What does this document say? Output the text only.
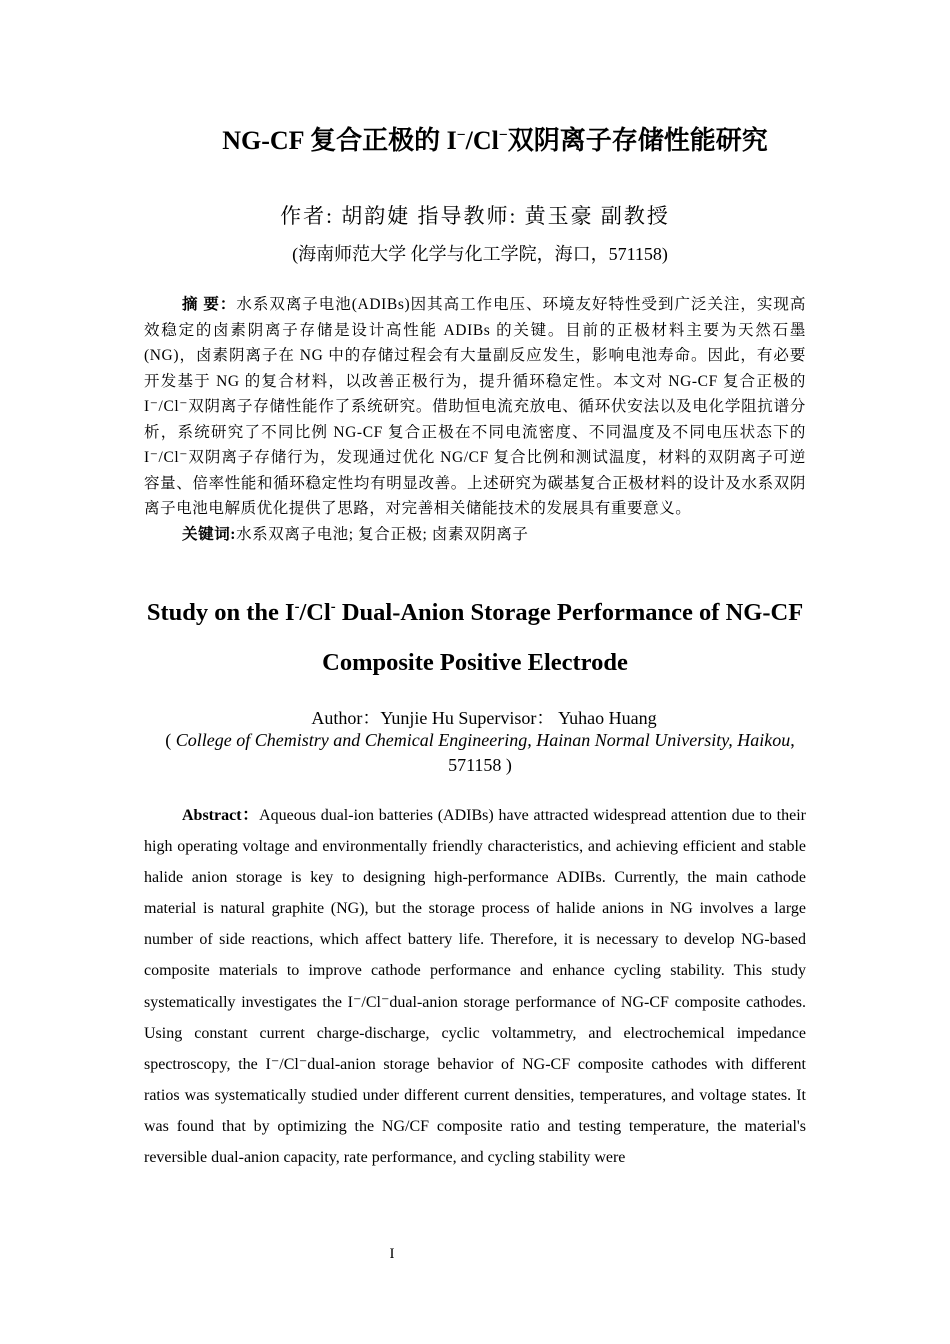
NG-CF 复合正极的 I−/Cl−双阴离子存储性能研究
作者: 胡韵婕 指导教师: 黄玉豪 副教授
(海南师范大学 化学与化工学院，海口，571158)
摘 要：水系双离子电池(ADIBs)因其高工作电压、环境友好特性受到广泛关注，实现高效稳定的卤素阴离子存储是设计高性能 ADIBs 的关键。目前的正极材料主要为天然石墨(NG)，卤素阴离子在 NG 中的存储过程会有大量副反应发生，影响电池寿命。因此，有必要开发基于 NG 的复合材料，以改善正极行为，提升循环稳定性。本文对 NG-CF 复合正极的 I⁻/Cl⁻双阴离子存储性能作了系统研究。借助恒电流充放电、循环伏安法以及电化学阻抗谱分析，系统研究了不同比例 NG-CF 复合正极在不同电流密度、不同温度及不同电压状态下的 I⁻/Cl⁻双阴离子存储行为，发现通过优化 NG/CF 复合比例和测试温度，材料的双阴离子可逆容量、倍率性能和循环稳定性均有明显改善。上述研究为碳基复合正极材料的设计及水系双阴离子电池电解质优化提供了思路，对完善相关储能技术的发展具有重要意义。
关键词:水系双离子电池; 复合正极; 卤素双阴离子
Study on the I-/Cl- Dual-Anion Storage Performance of NG-CF Composite Positive Electrode
Author：Yunjie Hu Supervisor： Yuhao Huang
( College of Chemistry and Chemical Engineering, Hainan Normal University, Haikou, 571158 )
Abstract：Aqueous dual-ion batteries (ADIBs) have attracted widespread attention due to their high operating voltage and environmentally friendly characteristics, and achieving efficient and stable halide anion storage is key to designing high-performance ADIBs. Currently, the main cathode material is natural graphite (NG), but the storage process of halide anions in NG involves a large number of side reactions, which affect battery life. Therefore, it is necessary to develop NG-based composite materials to improve cathode performance and enhance cycling stability. This study systematically investigates the I⁻/Cl⁻dual-anion storage performance of NG-CF composite cathodes. Using constant current charge-discharge, cyclic voltammetry, and electrochemical impedance spectroscopy, the I⁻/Cl⁻dual-anion storage behavior of NG-CF composite cathodes with different ratios was systematically studied under different current densities, temperatures, and voltage states. It was found that by optimizing the NG/CF composite ratio and testing temperature, the material's reversible dual-anion capacity, rate performance, and cycling stability were
I
